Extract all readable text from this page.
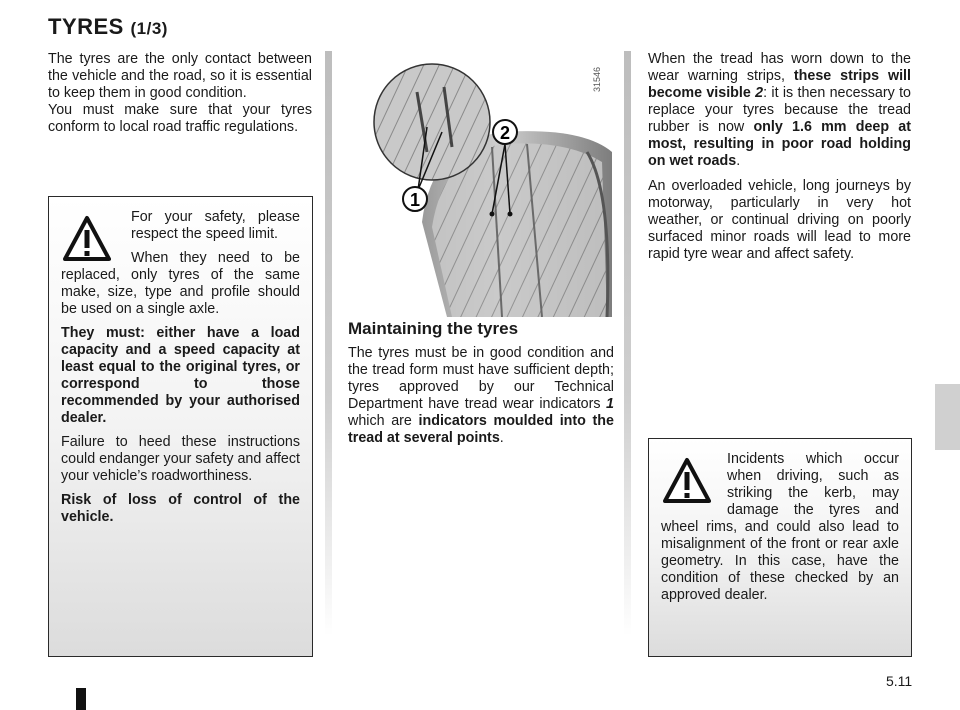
TYRES (1/3)

The tyres are the only contact between the vehicle and the road, so it is essential to keep them in good condition.

You must make sure that your tyres conform to local road traffic regulations.

For your safety, please respect the speed limit.

When they need to be replaced, only tyres of the same make, size, type and profile should be used on a single axle.

They must: either have a load capacity and a speed capacity at least equal to the original tyres, or correspond to those recommended by your authorised dealer.

Failure to heed these instructions could endanger your safety and affect your vehicle’s roadworthiness.

Risk of loss of control of the vehicle.

2
1
31546
Maintaining the tyres

The tyres must be in good condition and the tread form must have sufficient depth; tyres approved by our Technical Department have tread wear indicators 1 which are indicators moulded into the tread at several points.

When the tread has worn down to the wear warning strips, these strips will become visible 2: it is then necessary to replace your tyres because the tread rubber is now only 1.6 mm deep at most, resulting in poor road holding on wet roads.

An overloaded vehicle, long journeys by motorway, particularly in very hot weather, or continual driving on poorly surfaced minor roads will lead to more rapid tyre wear and affect safety.

Incidents which occur when driving, such as striking the kerb, may damage the tyres and wheel rims, and could also lead to misalignment of the front or rear axle geometry. In this case, have the condition of these checked by an approved dealer.

5.11
